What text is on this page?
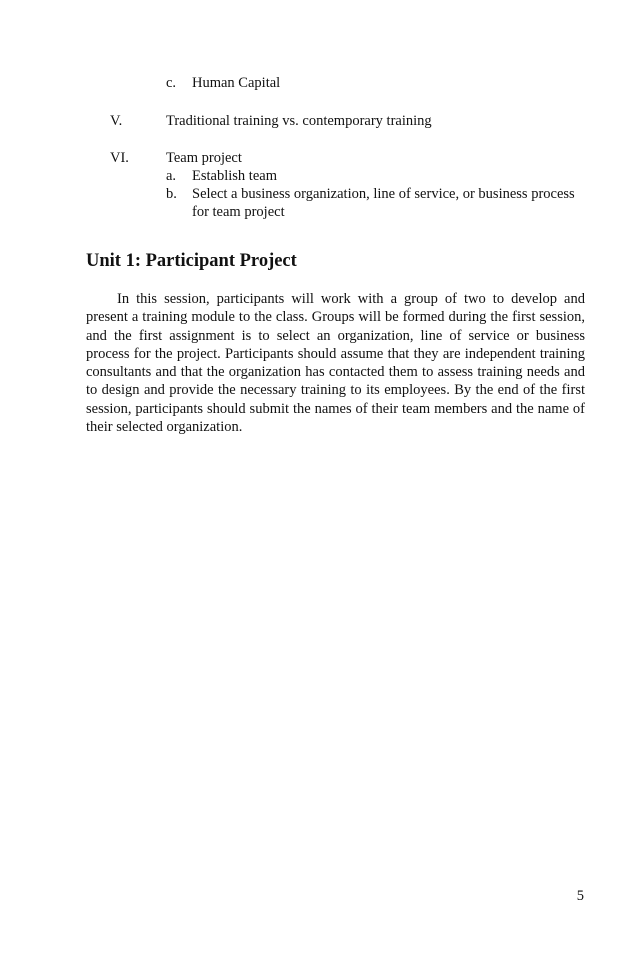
c. Human Capital
V.	Traditional training vs. contemporary training
VI.	Team project
a. Establish team
b. Select a business organization, line of service, or business process
for team project
Unit 1: Participant Project

In this session, participants will work with a group of two to develop and present a training module to the class. Groups will be formed during the first session, and the first assignment is to select an organization, line of service or business process for the project. Participants should assume that they are independent training consultants and that the organization has contacted them to assess training needs and to design and provide the necessary training to its employees. By the end of the first session, participants should submit the names of their team members and the name of their selected organization.

5
